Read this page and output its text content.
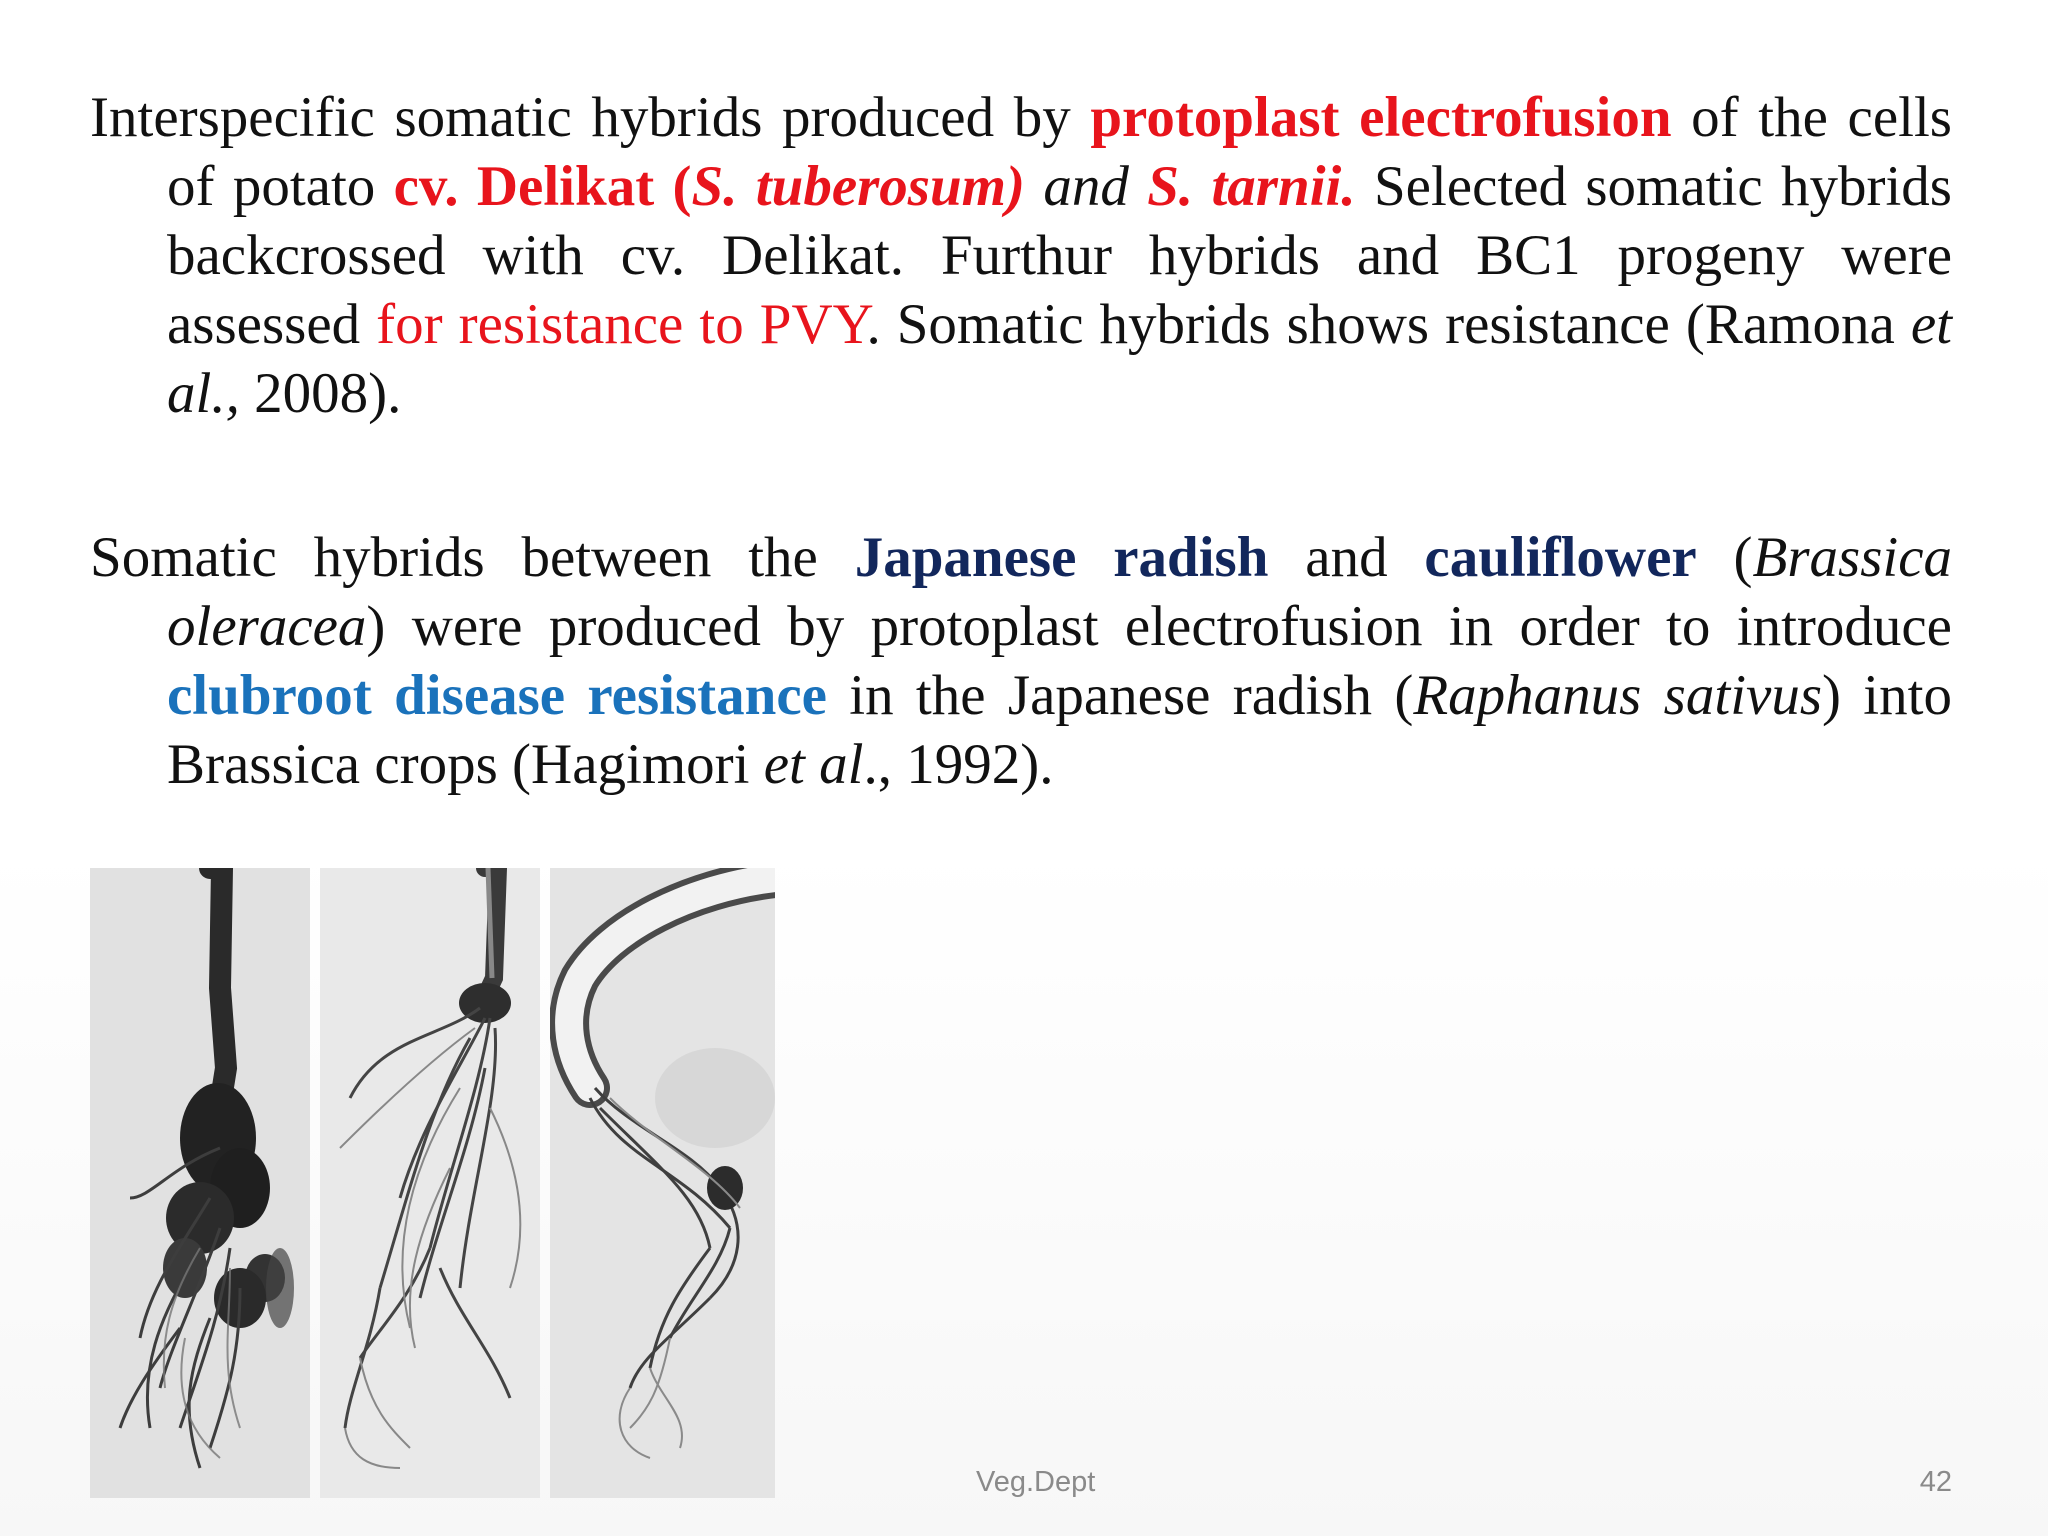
Interspecific somatic hybrids produced by protoplast electrofusion of the cells of potato cv. Delikat (S. tuberosum) and S. tarnii. Selected somatic hybrids backcrossed with cv. Delikat. Furthur hybrids and BC1 progeny were assessed for resistance to PVY. Somatic hybrids shows resistance (Ramona et al., 2008).

Somatic hybrids between the Japanese radish and cauliflower (Brassica oleracea) were produced by protoplast electrofusion in order to introduce clubroot disease resistance in the Japanese radish (Raphanus sativus) into Brassica crops (Hagimori et al., 1992).

Veg.Dept	42
